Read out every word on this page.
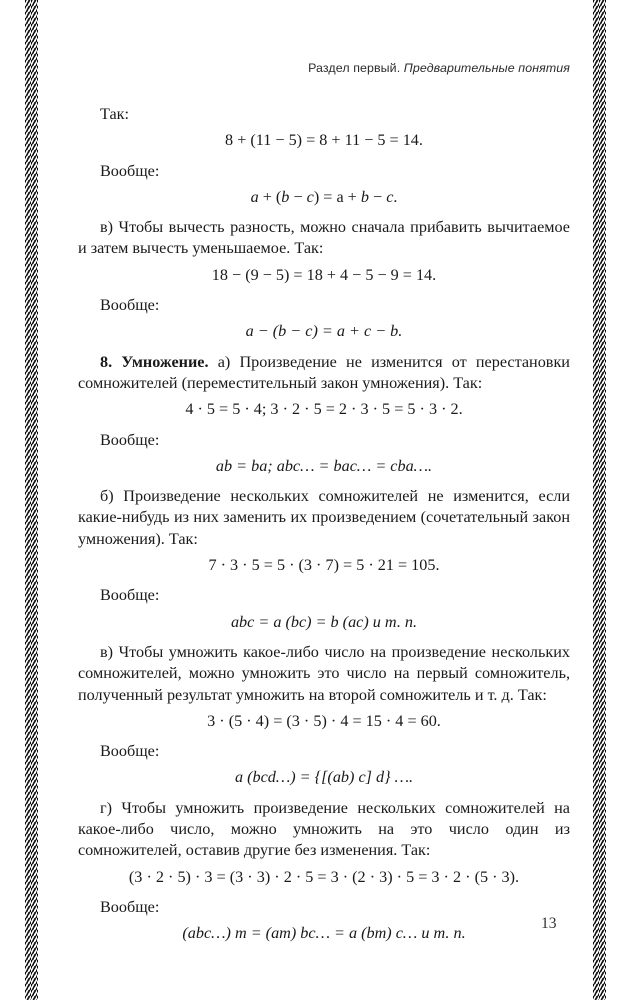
Раздел первый. Предварительные понятия

Так:

8 + (11 − 5) = 8 + 11 − 5 = 14.

Вообще:

a + (b − c) = a + b − c.

в) Чтобы вычесть разность, можно сначала прибавить вычитаемое и затем вычесть уменьшаемое. Так:

18 − (9 − 5) = 18 + 4 − 5 − 9 = 14.

Вообще:

a − (b − c) = a + c − b.

8. Умножение. а) Произведение не изменится от перестановки сомножителей (переместительный закон умножения). Так:

4 · 5 = 5 · 4; 3 · 2 · 5 = 2 · 3 · 5 = 5 · 3 · 2.

Вообще:

ab = ba; abc… = bac… = cba….

б) Произведение нескольких сомножителей не изменится, если какие-нибудь из них заменить их произведением (сочетательный закон умножения). Так:

7 · 3 · 5 = 5 · (3 · 7) = 5 · 21 = 105.

Вообще:

abc = a (bc) = b (ac) и т. п.

в) Чтобы умножить какое-либо число на произведение нескольких сомножителей, можно умножить это число на первый сомножитель, полученный результат умножить на второй сомножитель и т. д. Так:

3 · (5 · 4) = (3 · 5) · 4 = 15 · 4 = 60.

Вообще:

a (bcd…) = {[(ab) c] d} ….

г) Чтобы умножить произведение нескольких сомножителей на какое-либо число, можно умножить на это число один из сомножителей, оставив другие без изменения. Так:

(3 · 2 · 5) · 3 = (3 · 3) · 2 · 5 = 3 · (2 · 3) · 5 = 3 · 2 · (5 · 3).

Вообще:

(abc…) m = (am) bc… = a (bm) c… и т. п.

13
